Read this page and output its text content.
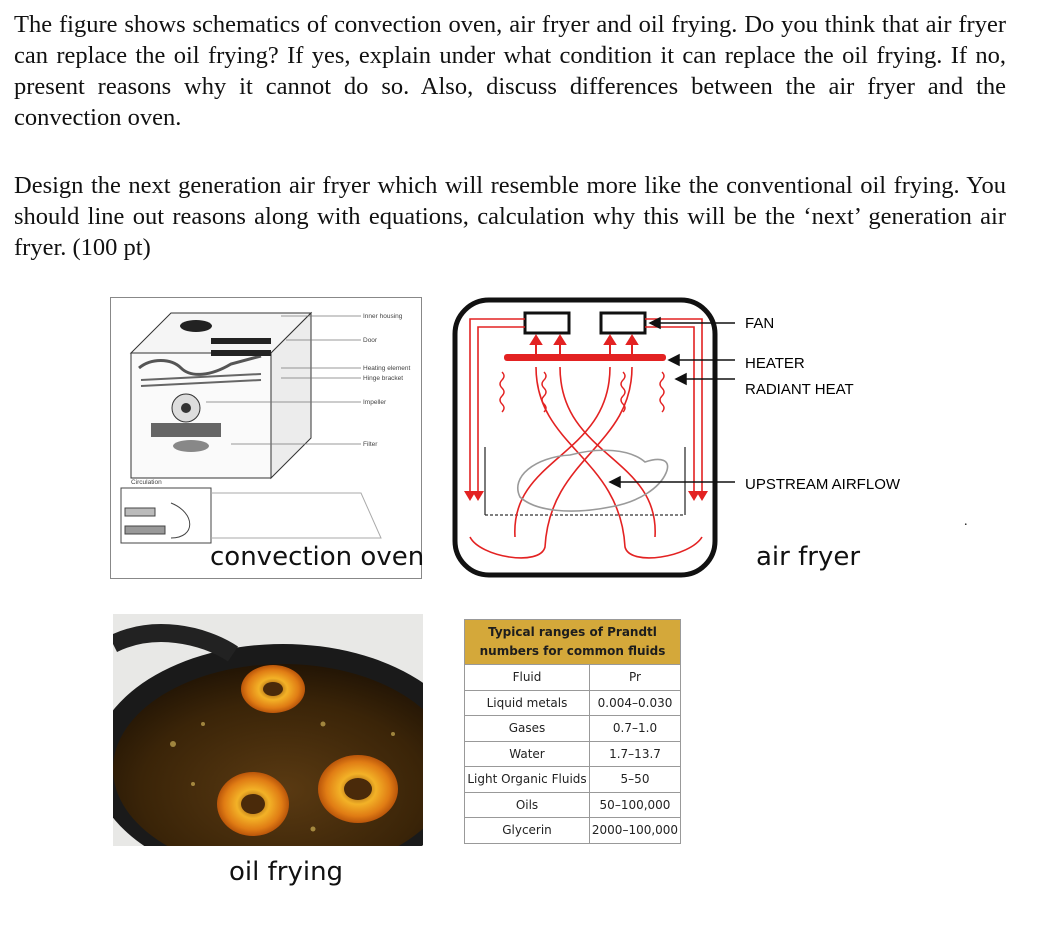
The figure shows schematics of convection oven, air fryer and oil frying. Do you think that air fryer can replace the oil frying? If yes, explain under what condition it can replace the oil frying. If no, present reasons why it cannot do so. Also, discuss differences between the air fryer and the convection oven.

Design the next generation air fryer which will resemble more like the conventional oil frying. You should line out reasons along with equations, calculation why this will be the ‘next’ generation air fryer. (100 pt)

Inner housing
Door
Heating element
Hinge bracket
Impeller
Filter
Circulation
convection oven
FAN
HEATER
RADIANT HEAT
UPSTREAM AIRFLOW
air fryer
.
oil frying
Typical ranges of Prandtl
numbers for common fluids	
Fluid	Pr
Liquid metals	0.004–0.030
Gases	0.7–1.0
Water	1.7–13.7
Light Organic Fluids	5–50
Oils	50–100,000
Glycerin	2000–100,000
